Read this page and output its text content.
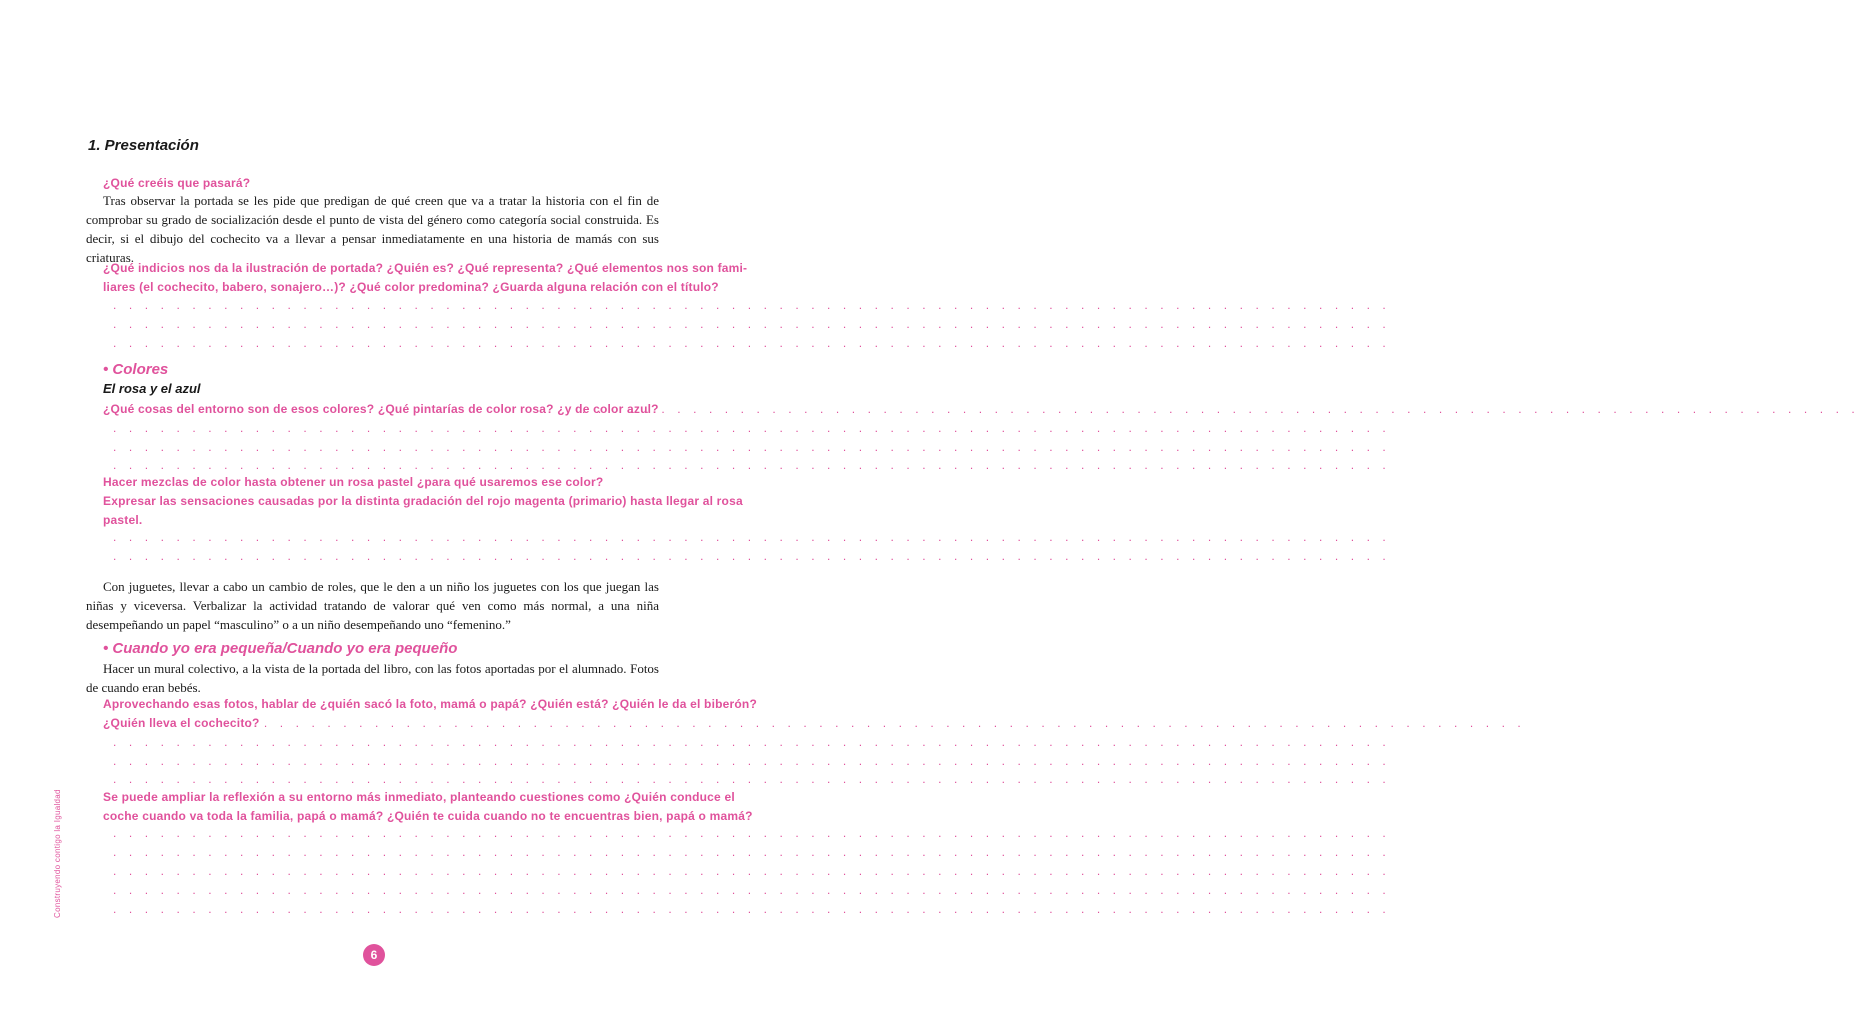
1. Presentación
¿Qué creéis que pasará?
Tras observar la portada se les pide que predigan de qué creen que va a tratar la historia con el fin de comprobar su grado de socialización desde el punto de vista del género como categoría social construida. Es decir, si el dibujo del cochecito va a llevar a pensar inmediatamente en una historia de mamás con sus criaturas.
¿Qué indicios nos da la ilustración de portada? ¿Quién es? ¿Qué representa? ¿Qué elementos nos son fami-
liares (el cochecito, babero, sonajero…)? ¿Qué color predomina? ¿Guarda alguna relación con el título?
. . . . . . . . . . . . . . . . . . . . . . . . . . . . . . . . . . . . . . . . . . . . . . . . . . . . . . . . . . . . . . . . . . . . . . . . . . . . . . . . .
. . . . . . . . . . . . . . . . . . . . . . . . . . . . . . . . . . . . . . . . . . . . . . . . . . . . . . . . . . . . . . . . . . . . . . . . . . . . . . . . .
. . . . . . . . . . . . . . . . . . . . . . . . . . . . . . . . . . . . . . . . . . . . . . . . . . . . . . . . . . . . . . . . . . . . . . . . . . . . . . . . .
• Colores
El rosa y el azul
¿Qué cosas del entorno son de esos colores? ¿Qué pintarías de color rosa? ¿y de color azul?
. . . . . . . . . . . . . . . . . . . . . . . . . . . . . . . . . . . . . . . . . . . . . . . . . . . . . . . . . . . . . . . . . . . . . . . . . . . . . . . . .
. . . . . . . . . . . . . . . . . . . . . . . . . . . . . . . . . . . . . . . . . . . . . . . . . . . . . . . . . . . . . . . . . . . . . . . . . . . . . . . . .
. . . . . . . . . . . . . . . . . . . . . . . . . . . . . . . . . . . . . . . . . . . . . . . . . . . . . . . . . . . . . . . . . . . . . . . . . . . . . . . . .
. . . . . . . . . . . . . . . . . . . . . . . . . . . . . . . . . . . . . . . . . . . . . . . . . . . . . . . . . . . . . . . . . . . . . . . . . . . . . . . . .
Hacer mezclas de color hasta obtener un rosa pastel ¿para qué usaremos ese color?
Expresar las sensaciones causadas por la distinta gradación del rojo magenta (primario) hasta llegar al rosa
pastel.
. . . . . . . . . . . . . . . . . . . . . . . . . . . . . . . . . . . . . . . . . . . . . . . . . . . . . . . . . . . . . . . . . . . . . . . . . . . . . . . . .
. . . . . . . . . . . . . . . . . . . . . . . . . . . . . . . . . . . . . . . . . . . . . . . . . . . . . . . . . . . . . . . . . . . . . . . . . . . . . . . . .
Con juguetes, llevar a cabo un cambio de roles, que le den a un niño los juguetes con los que juegan las niñas y viceversa. Verbalizar la actividad tratando de valorar qué ven como más normal, a una niña desempeñando un papel “masculino” o a un niño desempeñando uno “femenino.”
• Cuando yo era pequeña/Cuando yo era pequeño
Hacer un mural colectivo, a la vista de la portada del libro, con las fotos aportadas por el alumnado. Fotos de cuando eran bebés.
Aprovechando esas fotos, hablar de ¿quién sacó la foto, mamá o papá? ¿Quién está? ¿Quién le da el biberón?
¿Quién lleva el cochecito?
. . . . . . . . . . . . . . . . . . . . . . . . . . . . . . . . . . . . . . . . . . . . . . . . . . . . . . . . . . . . . . . . . . . . . . . . . . . . . . . . .
. . . . . . . . . . . . . . . . . . . . . . . . . . . . . . . . . . . . . . . . . . . . . . . . . . . . . . . . . . . . . . . . . . . . . . . . . . . . . . . . .
. . . . . . . . . . . . . . . . . . . . . . . . . . . . . . . . . . . . . . . . . . . . . . . . . . . . . . . . . . . . . . . . . . . . . . . . . . . . . . . . .
. . . . . . . . . . . . . . . . . . . . . . . . . . . . . . . . . . . . . . . . . . . . . . . . . . . . . . . . . . . . . . . . . . . . . . . . . . . . . . . . .
Se puede ampliar la reflexión a su entorno más inmediato, planteando cuestiones como ¿Quién conduce el
coche cuando va toda la familia, papá o mamá? ¿Quién te cuida cuando no te encuentras bien, papá o mamá?
. . . . . . . . . . . . . . . . . . . . . . . . . . . . . . . . . . . . . . . . . . . . . . . . . . . . . . . . . . . . . . . . . . . . . . . . . . . . . . . . .
. . . . . . . . . . . . . . . . . . . . . . . . . . . . . . . . . . . . . . . . . . . . . . . . . . . . . . . . . . . . . . . . . . . . . . . . . . . . . . . . .
. . . . . . . . . . . . . . . . . . . . . . . . . . . . . . . . . . . . . . . . . . . . . . . . . . . . . . . . . . . . . . . . . . . . . . . . . . . . . . . . .
. . . . . . . . . . . . . . . . . . . . . . . . . . . . . . . . . . . . . . . . . . . . . . . . . . . . . . . . . . . . . . . . . . . . . . . . . . . . . . . . .
. . . . . . . . . . . . . . . . . . . . . . . . . . . . . . . . . . . . . . . . . . . . . . . . . . . . . . . . . . . . . . . . . . . . . . . . . . . . . . . . .
Construyendo contigo la Igualdad
6
